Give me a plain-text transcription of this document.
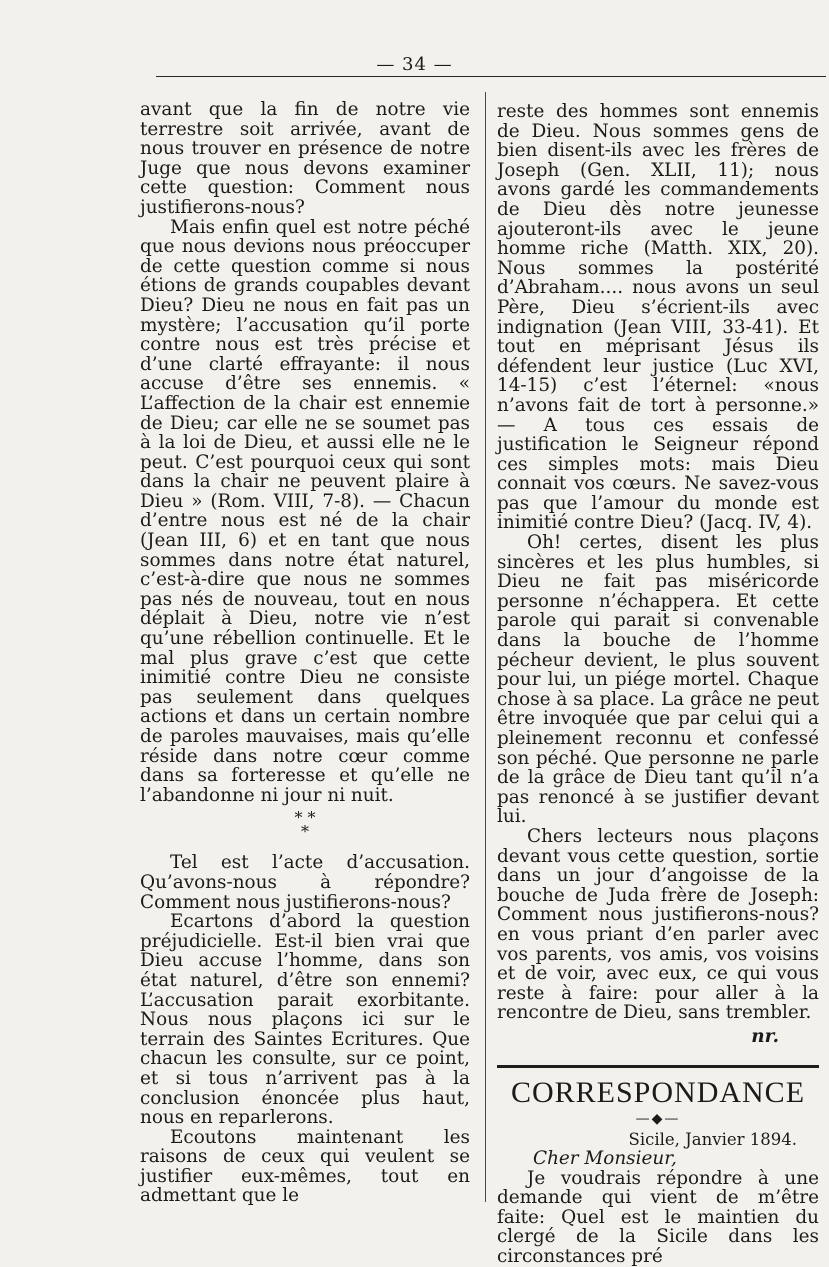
— 34 —

avant que la fin de notre vie terrestre soit arrivée, avant de nous trouver en présence de notre Juge que nous devons examiner cette question: Comment nous justifierons-nous?

Mais enfin quel est notre péché que nous devions nous préoccuper de cette question comme si nous étions de grands coupables devant Dieu? Dieu ne nous en fait pas un mystère; l’accusation qu’il porte contre nous est très précise et d’une clarté effrayante: il nous accuse d’être ses ennemis. « L’affection de la chair est ennemie de Dieu; car elle ne se soumet pas à la loi de Dieu, et aussi elle ne le peut. C’est pourquoi ceux qui sont dans la chair ne peuvent plaire à Dieu » (Rom. VIII, 7-8). — Chacun d’entre nous est né de la chair (Jean III, 6) et en tant que nous sommes dans notre état naturel, c’est-à-dire que nous ne sommes pas nés de nouveau, tout en nous déplait à Dieu, notre vie n’est qu’une rébellion continuelle. Et le mal plus grave c’est que cette inimitié contre Dieu ne consiste pas seulement dans quelques actions et dans un certain nombre de paroles mauvaises, mais qu’elle réside dans notre cœur comme dans sa forteresse et qu’elle ne l’abandonne ni jour ni nuit.

* *
*

Tel est l’acte d’accusation. Qu’avons-nous à répondre? Comment nous justifierons-nous?

Ecartons d’abord la question préjudicielle. Est-il bien vrai que Dieu accuse l’homme, dans son état naturel, d’être son ennemi? L’accusation parait exorbitante. Nous nous plaçons ici sur le terrain des Saintes Ecritures. Que chacun les consulte, sur ce point, et si tous n’arrivent pas à la conclusion énoncée plus haut, nous en reparlerons.

Ecoutons maintenant les raisons de ceux qui veulent se justifier eux-mêmes, tout en admettant que le

reste des hommes sont ennemis de Dieu. Nous sommes gens de bien disent-ils avec les frères de Joseph (Gen. XLII, 11); nous avons gardé les commandements de Dieu dès notre jeunesse ajouteront-ils avec le jeune homme riche (Matth. XIX, 20). Nous sommes la postérité d’Abraham.... nous avons un seul Père, Dieu s’écrient-ils avec indignation (Jean VIII, 33-41). Et tout en méprisant Jésus ils défendent leur justice (Luc XVI, 14-15) c’est l’éternel: «nous n’avons fait de tort à personne.» — A tous ces essais de justification le Seigneur répond ces simples mots: mais Dieu connait vos cœurs. Ne savez-vous pas que l’amour du monde est inimitié contre Dieu? (Jacq. IV, 4).

Oh! certes, disent les plus sincères et les plus humbles, si Dieu ne fait pas miséricorde personne n’échappera. Et cette parole qui parait si convenable dans la bouche de l’homme pécheur devient, le plus souvent pour lui, un piége mortel. Chaque chose à sa place. La grâce ne peut être invoquée que par celui qui a pleinement reconnu et confessé son péché. Que personne ne parle de la grâce de Dieu tant qu’il n’a pas renoncé à se justifier devant lui.

Chers lecteurs nous plaçons devant vous cette question, sortie dans un jour d’angoisse de la bouche de Juda frère de Joseph: Comment nous justifierons-nous? en vous priant d’en parler avec vos parents, vos amis, vos voisins et de voir, avec eux, ce qui vous reste à faire: pour aller à la rencontre de Dieu, sans trembler.

nr.
CORRESPONDANCE
—◆—
Sicile, Janvier 1894.
Cher Monsieur,

Je voudrais répondre à une demande qui vient de m’être faite: Quel est le maintien du clergé de la Sicile dans les circonstances pré
